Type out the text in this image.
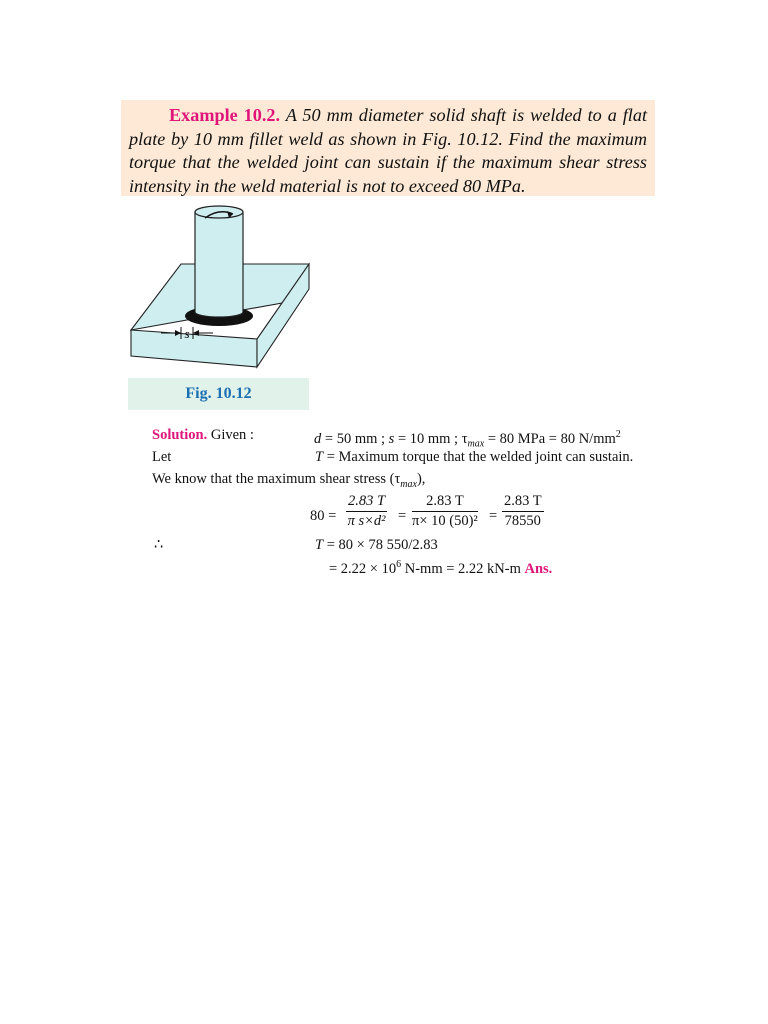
Example 10.2. A 50 mm diameter solid shaft is welded to a flat plate by 10 mm fillet weld as shown in Fig. 10.12. Find the maximum torque that the welded joint can sustain if the maximum shear stress intensity in the weld material is not to exceed 80 MPa.
s
Fig. 10.12
Solution. Given :	d = 50 mm ; s = 10 mm ; $\tau_{max} = 80$ MPa = 80 $N/mm^2$
Let	T = Maximum torque that the welded joint can sustain.
We know that the maximum shear stress $(\tau_{max})$,
$80 = \frac{2.83 T}{\text{π s×d²}} = \frac{2.83 T}{\text{π× 10 (50)²}} = \frac{2.83 T}{78550}$
∴	T = 80 × 78 550/2.83
= $2.22 \times 10^6$ N-mm = 2.22 kN-m Ans.
